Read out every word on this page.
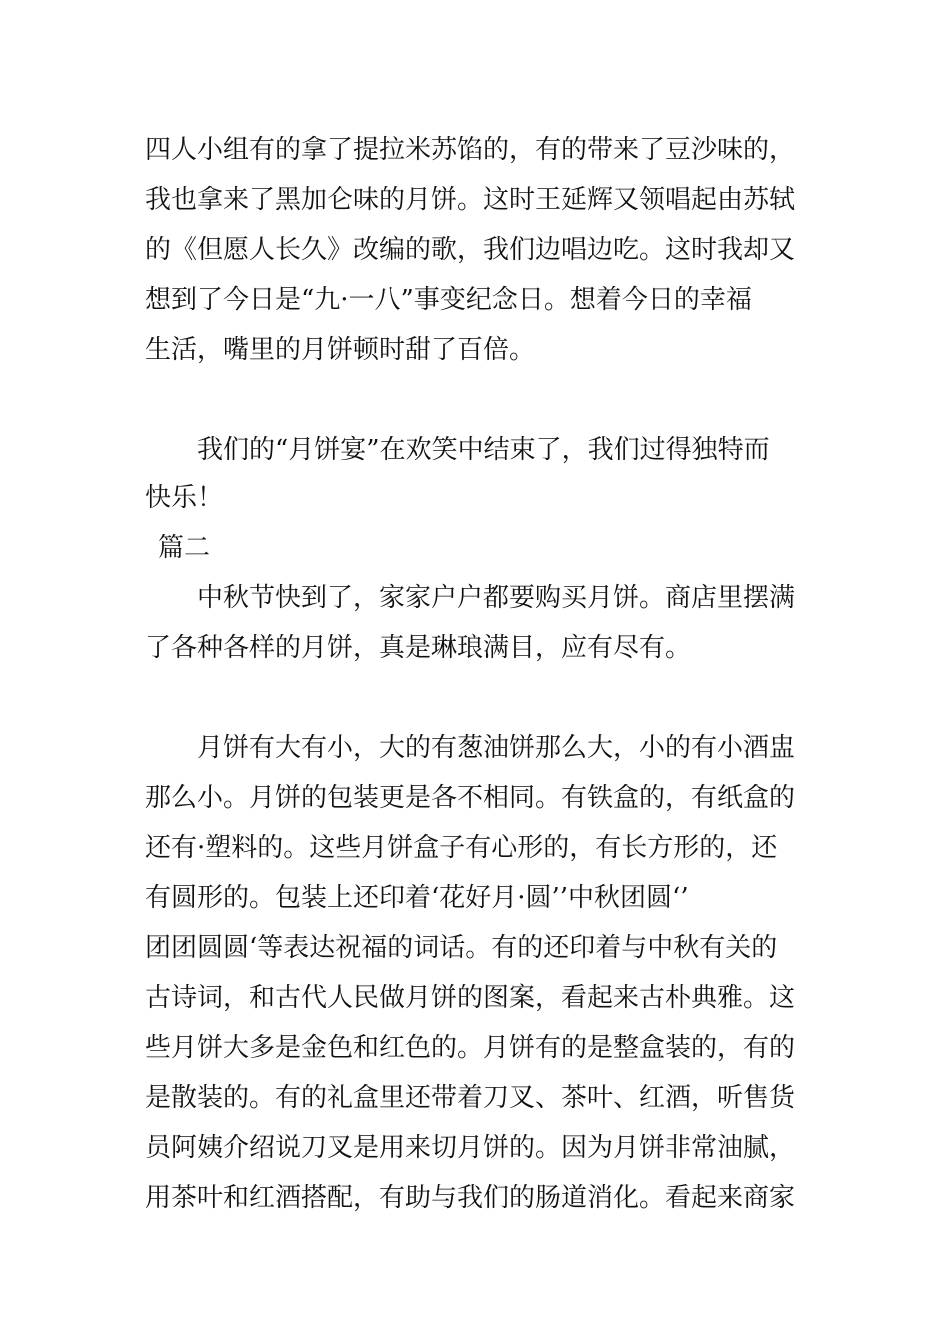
四人小组有的拿了提拉米苏馅的，有的带来了豆沙味的，
我也拿来了黑加仑味的月饼。这时王延辉又领唱起由苏轼
的《但愿人长久》改编的歌，我们边唱边吃。这时我却又
想到了今日是“九·一八”事变纪念日。想着今日的幸福
生活，嘴里的月饼顿时甜了百倍。
我们的“月饼宴”在欢笑中结束了，我们过得独特而
快乐！
篇二
中秋节快到了，家家户户都要购买月饼。商店里摆满
了各种各样的月饼，真是琳琅满目，应有尽有。
月饼有大有小，大的有葱油饼那么大，小的有小酒盅
那么小。月饼的包装更是各不相同。有铁盒的，有纸盒的
还有·塑料的。这些月饼盒子有心形的，有长方形的，还
有圆形的。包装上还印着‘花好月·圆’’中秋团圆‘’
团团圆圆‘等表达祝福的词话。有的还印着与中秋有关的
古诗词，和古代人民做月饼的图案，看起来古朴典雅。这
些月饼大多是金色和红色的。月饼有的是整盒装的，有的
是散装的。有的礼盒里还带着刀叉、茶叶、红酒，听售货
员阿姨介绍说刀叉是用来切月饼的。因为月饼非常油腻，
用茶叶和红酒搭配，有助与我们的肠道消化。看起来商家
